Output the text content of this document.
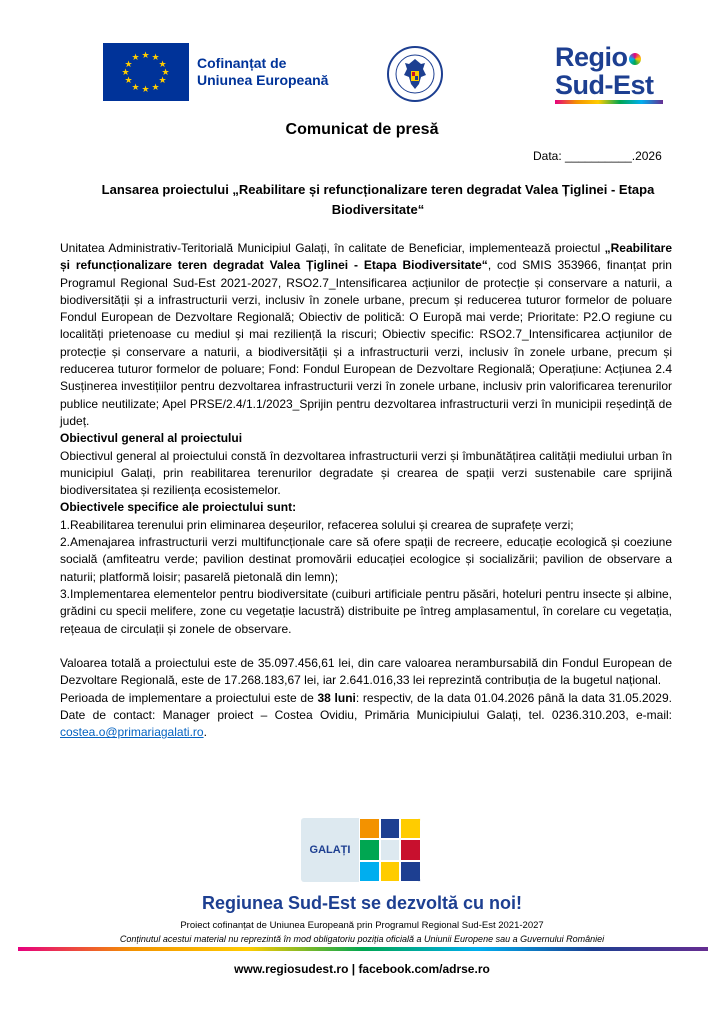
★ ★
★
★
★
★
★
★
★
★
★
★	Cofinanțat de
Uniunea Europeană
Regio
Sud-Est
Comunicat de presă
Data: __________.2026
Lansarea proiectului „Reabilitare și refuncționalizare teren degradat Valea Țiglinei - Etapa Biodiversitate“

Unitatea Administrativ-Teritorială Municipiul Galați, în calitate de Beneficiar, implementează proiectul „Reabilitare și refuncționalizare teren degradat Valea Țiglinei - Etapa Biodiversitate“, cod SMIS 353966, finanțat prin Programul Regional Sud-Est 2021-2027, RSO2.7_Intensificarea acțiunilor de protecție și conservare a naturii, a biodiversității și a infrastructurii verzi, inclusiv în zonele urbane, precum și reducerea tuturor formelor de poluare Fondul European de Dezvoltare Regională; Obiectiv de politică: O Europă mai verde; Prioritate: P2.O regiune cu localități prietenoase cu mediul și mai reziliență la riscuri; Obiectiv specific: RSO2.7_Intensificarea acțiunilor de protecție și conservare a naturii, a biodiversității și a infrastructurii verzi, inclusiv în zonele urbane, precum și reducerea tuturor formelor de poluare; Fond: Fondul European de Dezvoltare Regională; Operațiune: Acțiunea 2.4 Susținerea investițiilor pentru dezvoltarea infrastructurii verzi în zonele urbane, inclusiv prin valorificarea terenurilor publice neutilizate; Apel PRSE/2.4/1.1/2023_Sprijin pentru dezvoltarea infrastructurii verzi în municipii reședință de județ.

Obiectivul general al proiectului

Obiectivul general al proiectului constă în dezvoltarea infrastructurii verzi și îmbunătățirea calității mediului urban în municipiul Galați, prin reabilitarea terenurilor degradate și crearea de spații verzi sustenabile care sprijină biodiversitatea și reziliența ecosistemelor.

Obiectivele specifice ale proiectului sunt:

1.Reabilitarea terenului prin eliminarea deșeurilor, refacerea solului și crearea de suprafețe verzi;

2.Amenajarea infrastructurii verzi multifuncționale care să ofere spații de recreere, educație ecologică și coeziune socială (amfiteatru verde; pavilion destinat promovării educației ecologice și socializării; pavilion de observare a naturii; platformă loisir; pasarelă pietonală din lemn);

3.Implementarea elementelor pentru biodiversitate (cuiburi artificiale pentru păsări, hoteluri pentru insecte și albine, grădini cu specii melifere, zone cu vegetație lacustră) distribuite pe întreg amplasamentul, în corelare cu vegetația, rețeaua de circulații și zonele de observare.

Valoarea totală a proiectului este de 35.097.456,61 lei, din care valoarea nerambursabilă din Fondul European de Dezvoltare Regională, este de 17.268.183,67 lei, iar 2.641.016,33 lei reprezintă contribuția de la bugetul național.

Perioada de implementare a proiectului este de 38 luni: respectiv, de la data 01.04.2026 până la data 31.05.2029. Date de contact: Manager proiect – Costea Ovidiu, Primăria Municipiului Galați, tel. 0236.310.203, e-mail: costea.o@primariagalati.ro.

GALAȚI
Regiunea Sud-Est se dezvoltă cu noi!
Proiect cofinanțat de Uniunea Europeană prin Programul Regional Sud-Est 2021-2027
Conținutul acestui material nu reprezintă în mod obligatoriu poziția oficială a Uniunii Europene sau a Guvernului României
www.regiosudest.ro | facebook.com/adrse.ro
